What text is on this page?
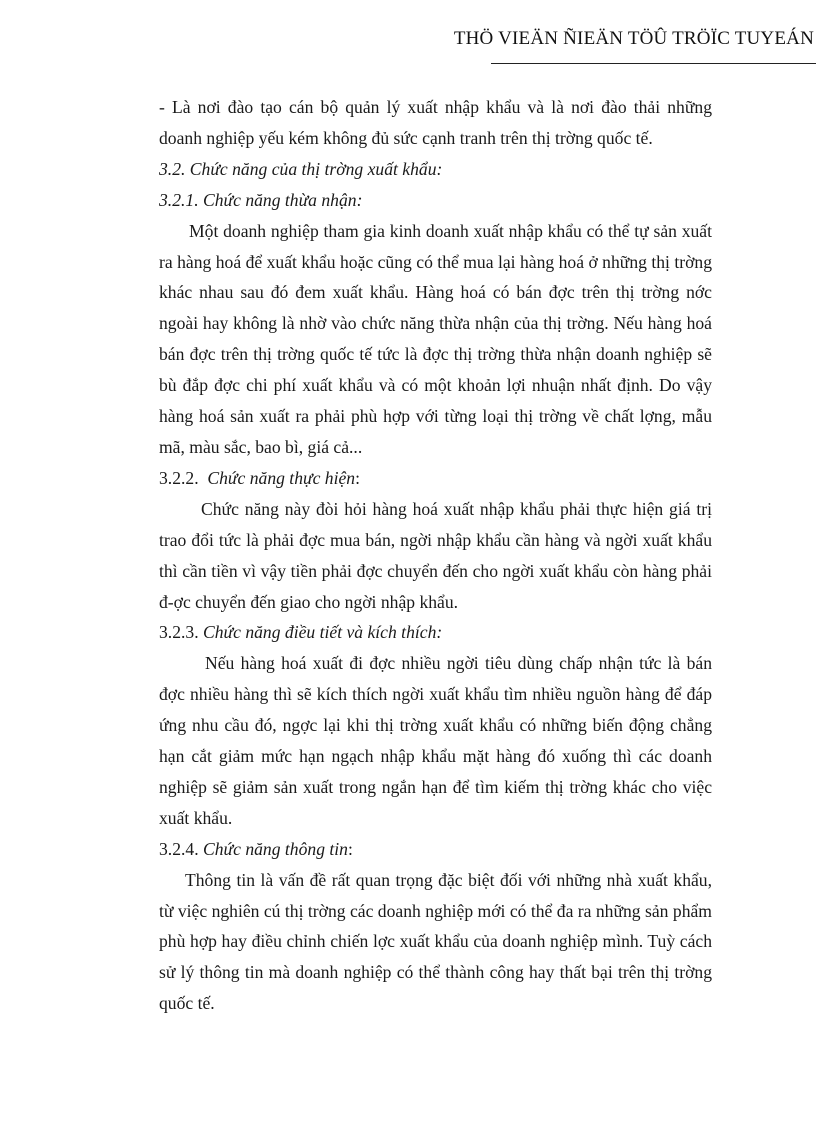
THÖ VIEÄN ÑIEÄN TÖÛ TRÖÏC TUYEÁN

- Là nơi đào tạo cán bộ quản lý xuất nhập khẩu và là nơi đào thải những doanh nghiệp yếu kém không đủ sức cạnh tranh trên thị trờng quốc tế.

3.2. Chức năng của thị trờng xuất khẩu:

3.2.1. Chức năng thừa nhận:

Một doanh nghiệp tham gia kinh doanh xuất nhập khẩu có thể tự sản xuất ra hàng hoá để xuất khẩu hoặc cũng có thể mua lại hàng hoá ở những thị trờng khác nhau sau đó đem xuất khẩu. Hàng hoá có bán đợc trên thị trờng nớc ngoài hay không là nhờ vào chức năng thừa nhận của thị trờng. Nếu hàng hoá bán đợc trên thị trờng quốc tế tức là đợc thị trờng thừa nhận doanh nghiệp sẽ bù đắp đợc chi phí xuất khẩu và có một khoản lợi nhuận nhất định. Do vậy hàng hoá sản xuất ra phải phù hợp với từng loại thị trờng về chất lợng, mẫu mã, màu sắc, bao bì, giá cả...

3.2.2. Chức năng thực hiện:

Chức năng này đòi hỏi hàng hoá xuất nhập khẩu phải thực hiện giá trị trao đổi tức là phải đợc mua bán, ngời nhập khẩu cần hàng và ngời xuất khẩu thì cần tiền vì vậy tiền phải đợc chuyển đến cho ngời xuất khẩu còn hàng phải đ-ợc chuyển đến giao cho ngời nhập khẩu.

3.2.3. Chức năng điều tiết và kích thích:

Nếu hàng hoá xuất đi đợc nhiều ngời tiêu dùng chấp nhận tức là bán đợc nhiều hàng thì sẽ kích thích ngời xuất khẩu tìm nhiều nguồn hàng để đáp ứng nhu cầu đó, ngợc lại khi thị trờng xuất khẩu có những biến động chẳng hạn cắt giảm mức hạn ngạch nhập khẩu mặt hàng đó xuống thì các doanh nghiệp sẽ giảm sản xuất trong ngắn hạn để tìm kiếm thị trờng khác cho việc xuất khẩu.

3.2.4. Chức năng thông tin:

Thông tin là vấn đề rất quan trọng đặc biệt đối với những nhà xuất khẩu, từ việc nghiên cú thị trờng các doanh nghiệp mới có thể đa ra những sản phẩm phù hợp hay điều chỉnh chiến lợc xuất khẩu của doanh nghiệp mình. Tuỳ cách sử lý thông tin mà doanh nghiệp có thể thành công hay thất bại trên thị trờng quốc tế.
